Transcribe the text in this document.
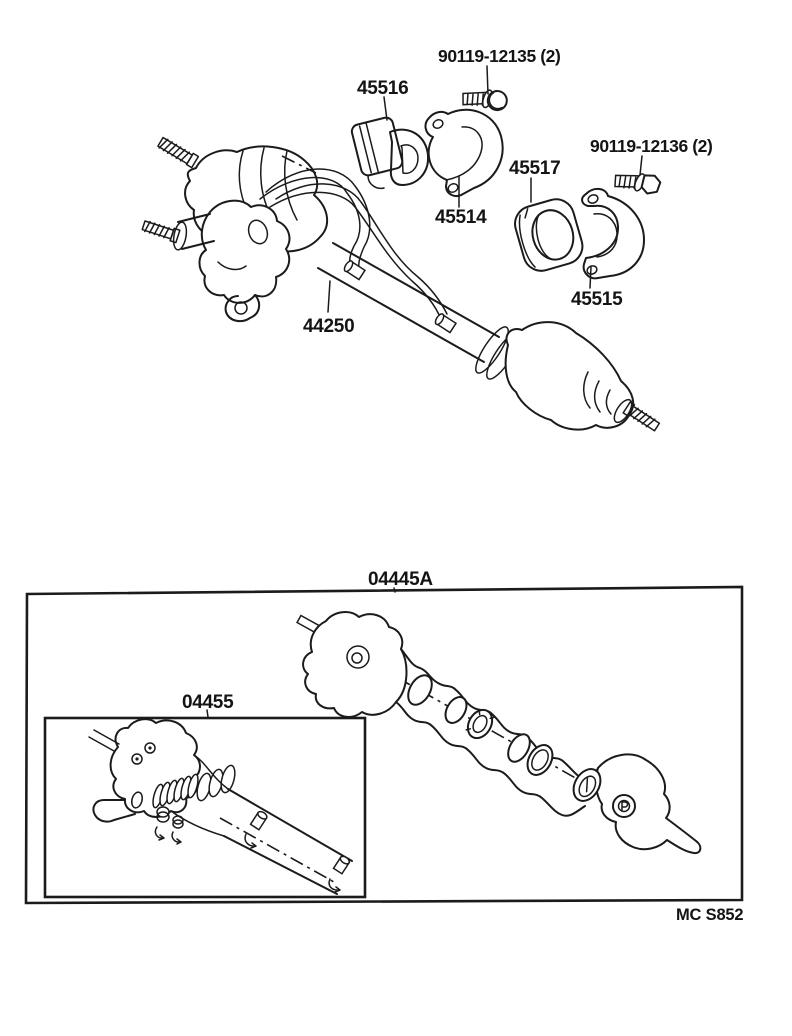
90119-12135 (2)
45516
45514
45517
90119-12136 (2)
45515
44250
04445A
04455
MC S852
